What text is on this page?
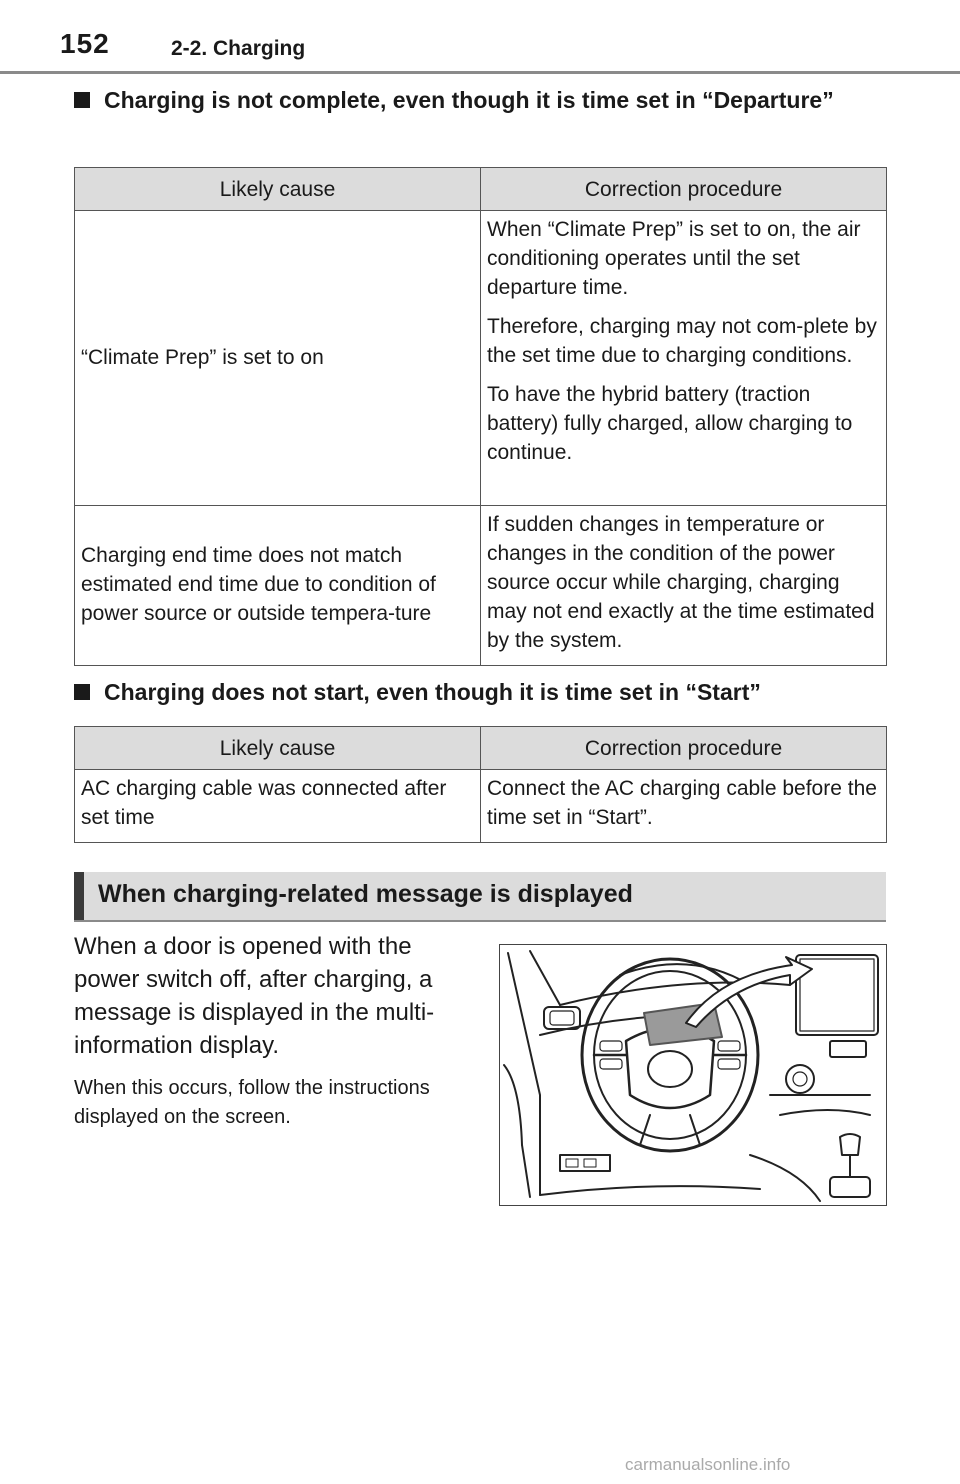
152	2-2. Charging
Charging is not complete, even though it is time set in “Departure”
Likely cause	Correction procedure
“Climate Prep” is set to on	When “Climate Prep” is set to on, the air conditioning operates until the set departure time.

Therefore, charging may not com-plete by the set time due to charging conditions.

To have the hybrid battery (traction battery) fully charged, allow charging to continue.

Charging end time does not match estimated end time due to condition of power source or outside tempera-ture	If sudden changes in temperature or changes in the condition of the power source occur while charging, charging may not end exactly at the time estimated by the system.

Charging does not start, even though it is time set in “Start”
Likely cause	Correction procedure
AC charging cable was connected after set time	Connect the AC charging cable before the time set in “Start”.

When charging-related message is displayed
When a door is opened with the power switch off, after charging, a message is displayed in the multi-information display.
When this occurs, follow the instructions displayed on the screen.
carmanualsonline.info
